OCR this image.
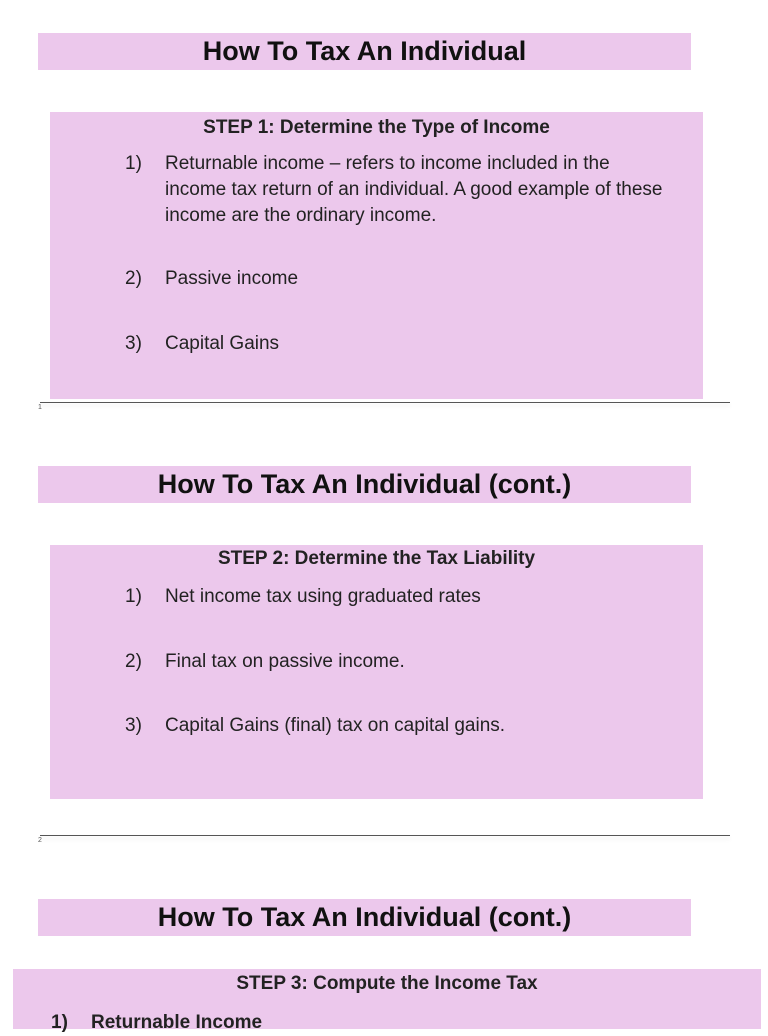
How To Tax An Individual
STEP 1: Determine the Type of Income
1) Returnable income – refers to income included in the income tax return of an individual. A good example of these income are the ordinary income.
2) Passive income
3) Capital Gains
1
How To Tax An Individual (cont.)
STEP 2: Determine the Tax Liability
1) Net income tax using graduated rates
2) Final tax on passive income.
3) Capital Gains (final) tax on capital gains.
2
How To Tax An Individual (cont.)
STEP 3: Compute the Income Tax
1) Returnable Income
